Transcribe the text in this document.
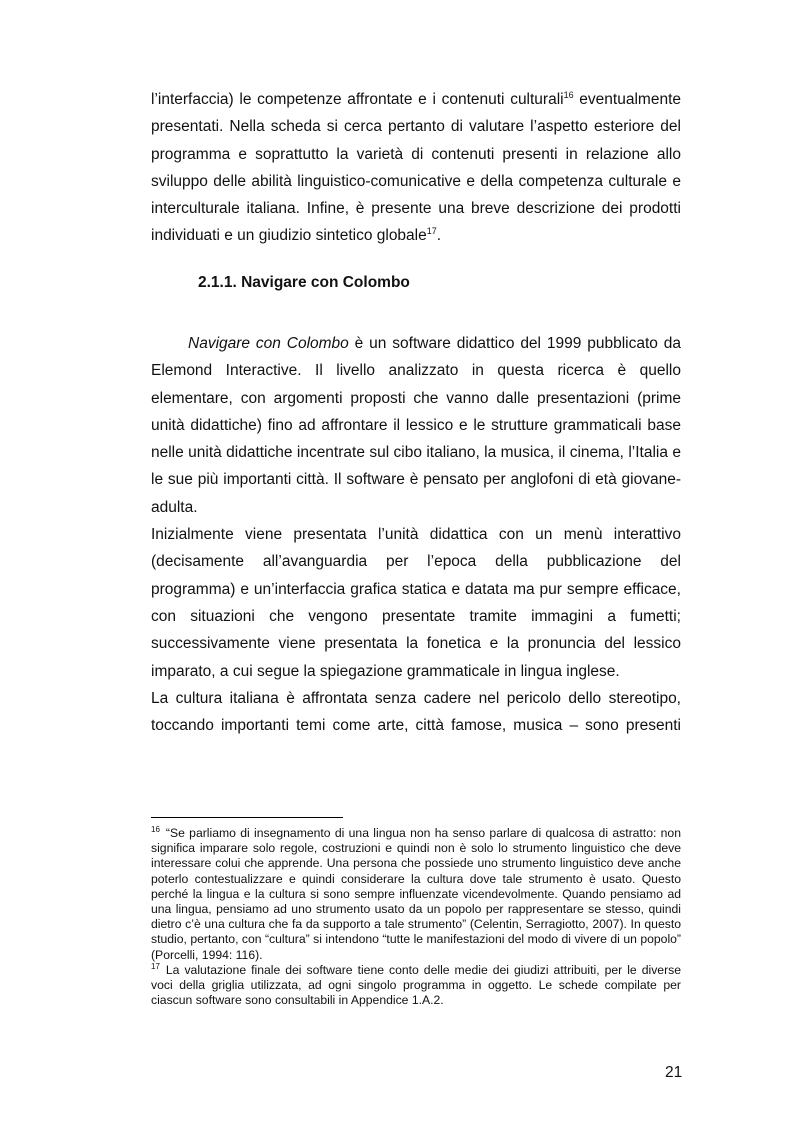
l’interfaccia) le competenze affrontate e i contenuti culturali$^{16}$ eventualmente presentati. Nella scheda si cerca pertanto di valutare l’aspetto esteriore del programma e soprattutto la varietà di contenuti presenti in relazione allo sviluppo delle abilità linguistico-comunicative e della competenza culturale e interculturale italiana. Infine, è presente una breve descrizione dei prodotti individuati e un giudizio sintetico globale$^{17}$.

2.1.1. Navigare con Colombo

Navigare con Colombo è un software didattico del 1999 pubblicato da Elemond Interactive. Il livello analizzato in questa ricerca è quello elementare, con argomenti proposti che vanno dalle presentazioni (prime unità didattiche) fino ad affrontare il lessico e le strutture grammaticali base nelle unità didattiche incentrate sul cibo italiano, la musica, il cinema, l’Italia e le sue più importanti città. Il software è pensato per anglofoni di età giovane-adulta.

Inizialmente viene presentata l’unità didattica con un menù interattivo (decisamente all’avanguardia per l’epoca della pubblicazione del programma) e un’interfaccia grafica statica e datata ma pur sempre efficace, con situazioni che vengono presentate tramite immagini a fumetti; successivamente viene presentata la fonetica e la pronuncia del lessico imparato, a cui segue la spiegazione grammaticale in lingua inglese.

La cultura italiana è affrontata senza cadere nel pericolo dello stereotipo, toccando importanti temi come arte, città famose, musica – sono presenti

$^{16}$ “Se parliamo di insegnamento di una lingua non ha senso parlare di qualcosa di astratto: non significa imparare solo regole, costruzioni e quindi non è solo lo strumento linguistico che deve interessare colui che apprende. Una persona che possiede uno strumento linguistico deve anche poterlo contestualizzare e quindi considerare la cultura dove tale strumento è usato. Questo perché la lingua e la cultura si sono sempre influenzate vicendevolmente. Quando pensiamo ad una lingua, pensiamo ad uno strumento usato da un popolo per rappresentare se stesso, quindi dietro c’è una cultura che fa da supporto a tale strumento” (Celentin, Serragiotto, 2007). In questo studio, pertanto, con “cultura” si intendono “tutte le manifestazioni del modo di vivere di un popolo” (Porcelli, 1994: 116).

$^{17}$ La valutazione finale dei software tiene conto delle medie dei giudizi attribuiti, per le diverse voci della griglia utilizzata, ad ogni singolo programma in oggetto. Le schede compilate per ciascun software sono consultabili in Appendice 1.A.2.

21
